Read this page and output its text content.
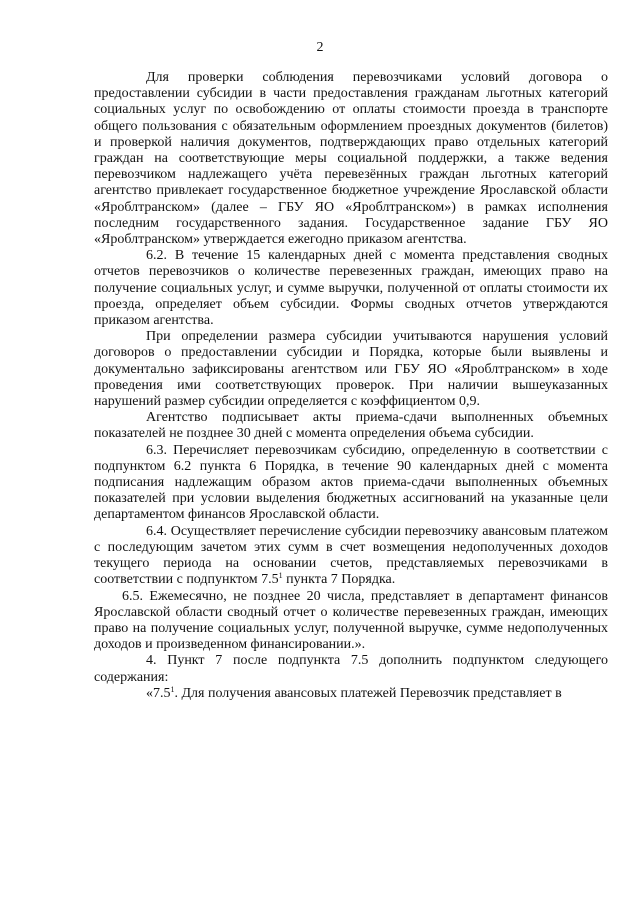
2

Для проверки соблюдения перевозчиками условий договора о предоставлении субсидии в части предоставления гражданам льготных категорий социальных услуг по освобождению от оплаты стоимости проезда в транспорте общего пользования с обязательным оформлением проездных документов (билетов) и проверкой наличия документов, подтверждающих право отдельных категорий граждан на соответствующие меры социальной поддержки, а также ведения перевозчиком надлежащего учёта перевезённых граждан льготных категорий агентство привлекает государственное бюджетное учреждение Ярославской области «Яроблтранском» (далее – ГБУ ЯО «Яроблтранском») в рамках исполнения последним государственного задания. Государственное задание ГБУ ЯО «Яроблтранском» утверждается ежегодно приказом агентства.

6.2. В течение 15 календарных дней с момента представления сводных отчетов перевозчиков о количестве перевезенных граждан, имеющих право на получение социальных услуг, и сумме выручки, полученной от оплаты стоимости их проезда, определяет объем субсидии. Формы сводных отчетов утверждаются приказом агентства.

При определении размера субсидии учитываются нарушения условий договоров о предоставлении субсидии и Порядка, которые были выявлены и документально зафиксированы агентством или ГБУ ЯО «Яроблтранском» в ходе проведения ими соответствующих проверок. При наличии вышеуказанных нарушений размер субсидии определяется с коэффициентом 0,9.

Агентство подписывает акты приема-сдачи выполненных объемных показателей не позднее 30 дней с момента определения объема субсидии.

6.3. Перечисляет перевозчикам субсидию, определенную в соответствии с подпунктом 6.2 пункта 6 Порядка, в течение 90 календарных дней с момента подписания надлежащим образом актов приема-сдачи выполненных объемных показателей при условии выделения бюджетных ассигнований на указанные цели департаментом финансов Ярославской области.

6.4. Осуществляет перечисление субсидии перевозчику авансовым платежом с последующим зачетом этих сумм в счет возмещения недополученных доходов текущего периода на основании счетов, представляемых перевозчиками в соответствии с подпунктом $7.5^1$ пункта 7 Порядка.

6.5. Ежемесячно, не позднее 20 числа, представляет в департамент финансов Ярославской области сводный отчет о количестве перевезенных граждан, имеющих право на получение социальных услуг, полученной выручке, сумме недополученных доходов и произведенном финансировании.».

4. Пункт 7 после подпункта 7.5 дополнить подпунктом следующего содержания:

«$7.5^1$. Для получения авансовых платежей Перевозчик представляет в
